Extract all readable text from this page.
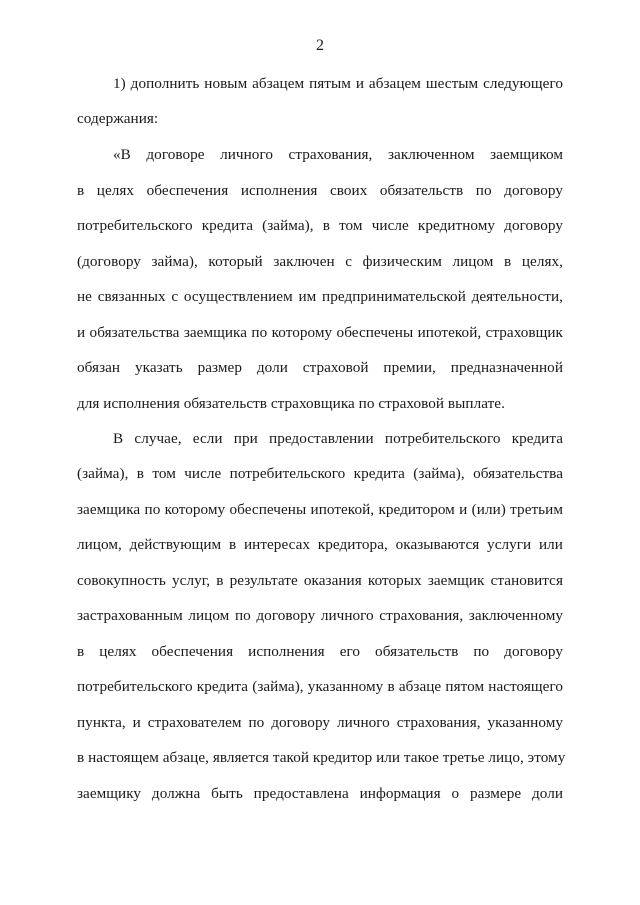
2
1) дополнить новым абзацем пятым и абзацем шестым следующего
содержания:
«В договоре личного страхования, заключенном заемщиком
в целях обеспечения исполнения своих обязательств по договору
потребительского кредита (займа), в том числе кредитному договору
(договору займа), который заключен с физическим лицом в целях,
не связанных с осуществлением им предпринимательской деятельности,
и обязательства заемщика по которому обеспечены ипотекой, страховщик
обязан указать размер доли страховой премии, предназначенной
для исполнения обязательств страховщика по страховой выплате.
В случае, если при предоставлении потребительского кредита
(займа), в том числе потребительского кредита (займа), обязательства
заемщика по которому обеспечены ипотекой, кредитором и (или) третьим
лицом, действующим в интересах кредитора, оказываются услуги или
совокупность услуг, в результате оказания которых заемщик становится
застрахованным лицом по договору личного страхования, заключенному
в целях обеспечения исполнения его обязательств по договору
потребительского кредита (займа), указанному в абзаце пятом настоящего
пункта, и страхователем по договору личного страхования, указанному
в настоящем абзаце, является такой кредитор или такое третье лицо, этому
заемщику должна быть предоставлена информация о размере доли
